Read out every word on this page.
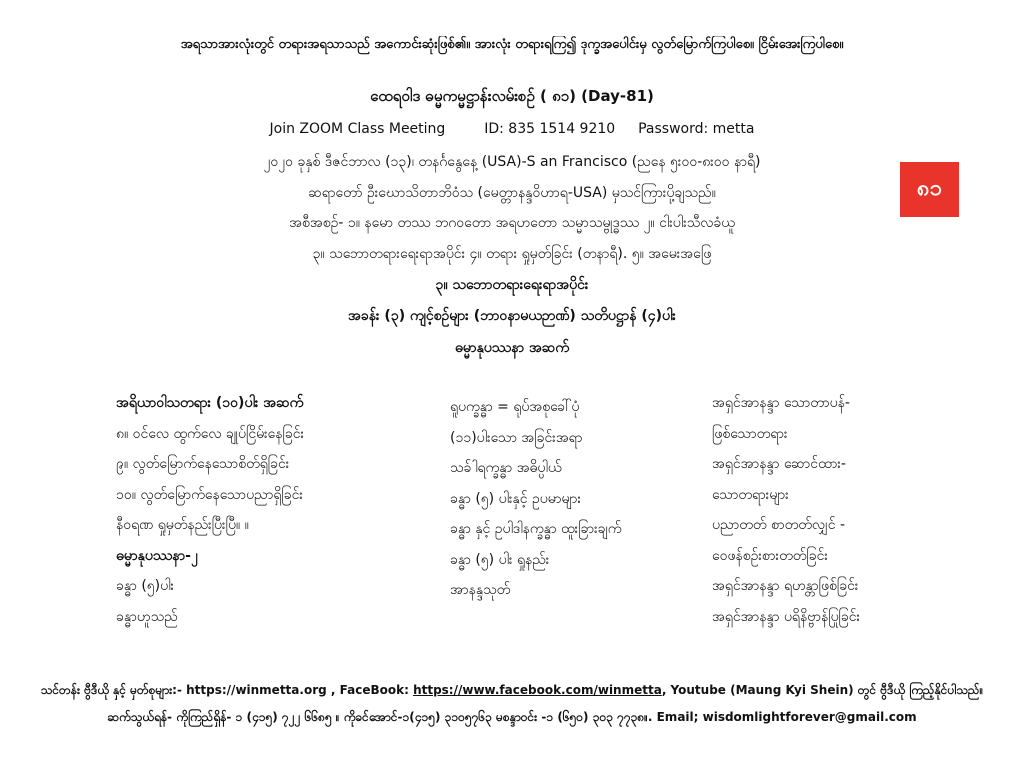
အရသာအားလုံးတွင် တရားအရသာသည် အကောင်းဆုံးဖြစ်၏။ အားလုံး တရားရကြ၍ ဒုက္ခအပေါင်းမှ လွတ်မြောက်ကြပါစေ။ ငြိမ်းအေးကြပါစေ။
ထေရဝါဒ ဓမ္မကမ္မဋ္ဌာန်းလမ်းစဥ် ( ၈၁) (Day-81)
Join ZOOM Class Meeting	ID: 835 1514 9210 Password: metta
၂၀၂၀ ခုနှစ် ဒီဇင်ဘာလ (၁၃)၊ တနင်္ဂနွေနေ့ (USA)-S an Francisco (ညနေ ၅း၀၀-၈း၀၀ နာရီ)
ဆရာတော် ဦးဃောသိတာဘိဝံသ (မေတ္တာနန္ဒဝိဟာရ-USA) မှသင်ကြားပို့ချသည်။
အစီအစဥ်- ၁။ နမော တဿ ဘဂဝတော အရဟတော သမ္မာသမ္ဗုဒ္ဓဿ ၂။ ငါးပါးသီလခံယူ
၃။ သဘောတရားရေးရာအပိုင်း ၄။ တရား ရှုမှတ်ခြင်း (တနာရီ). ၅။ အမေးအဖြေ
၃။ သဘောတရားရေးရာအပိုင်း
အခန်း (၃) ကျင့်စဥ်များ (ဘာဝနာမယဉာဏ်) သတိပဋ္ဌာန် (၄)ပါး
ဓမ္မာနုပဿနာ အဆက်
၈၁
အရိယာဝါသတရား (၁၀)ပါး အဆက်
၈။ ဝင်လေ ထွက်လေ ချုပ်ငြိမ်းနေခြင်း
၉။ လွတ်မြောက်နေသောစိတ်ရှိခြင်း
၁၀။ လွတ်မြောက်နေသောပညာရှိခြင်း
နီဝရဏ ရှုမှတ်နည်းပြီးပြီ။ ။
ဓမ္မာနုပဿနာ-၂
ခန္ဓာ (၅)ပါး
ခန္ဓာဟူသည်
ရူပက္ခန္ဓာ = ရုပ်အစုခေါ်ပုံ
(၁၁)ပါးသော အခြင်းအရာ
သခ်ါရက္ခန္ဓာ အဓိပ္ပါယ်
ခန္ဓာ (၅) ပါးနှင့် ဥပမာများ
ခန္ဓာ နှင့် ဥပါဒါနက္ခန္ဓာ ထူးခြားချက်
ခန္ဓာ (၅) ပါး ရှုနည်း
အာနန္ဒသုတ်
အရှင်အာနန္ဒာ သောတာပန်-
ဖြစ်သောတရား
အရှင်အာနန္ဒာ ဆောင်ထား-
သောတရားများ
ပညာတတ် စာတတ်လျှင် -
ဝေဖန်စဥ်းစားတတ်ခြင်း
အရှင်အာနန္ဒာ ရဟန္တာဖြစ်ခြင်း
အရှင်အာနန္ဒာ ပရိနိဗ္ဗာန်ပြုခြင်း
သင်တန်း ဗွီဒီယို နှင့် မှတ်စုများ:- https://winmetta.org , FaceBook: https://www.facebook.com/winmetta, Youtube (Maung Kyi Shein) တွင် ဗွီဒီယို ကြည့်နိုင်ပါသည်။
ဆက်သွယ်ရန်- ကိုကြည်ရှိန်- ၁ (၄၁၅) ၇၂၂ ၆၆၈၅ ။ ကိုခင်အောင်-၁(၄၁၅) ၃၁၀၅၇၆၃ မစန္ဒာဝင်း -၁ (၆၅၀) ၃၀၃ ၇၇၃၈။. Email; wisdomlightforever@gmail.com
